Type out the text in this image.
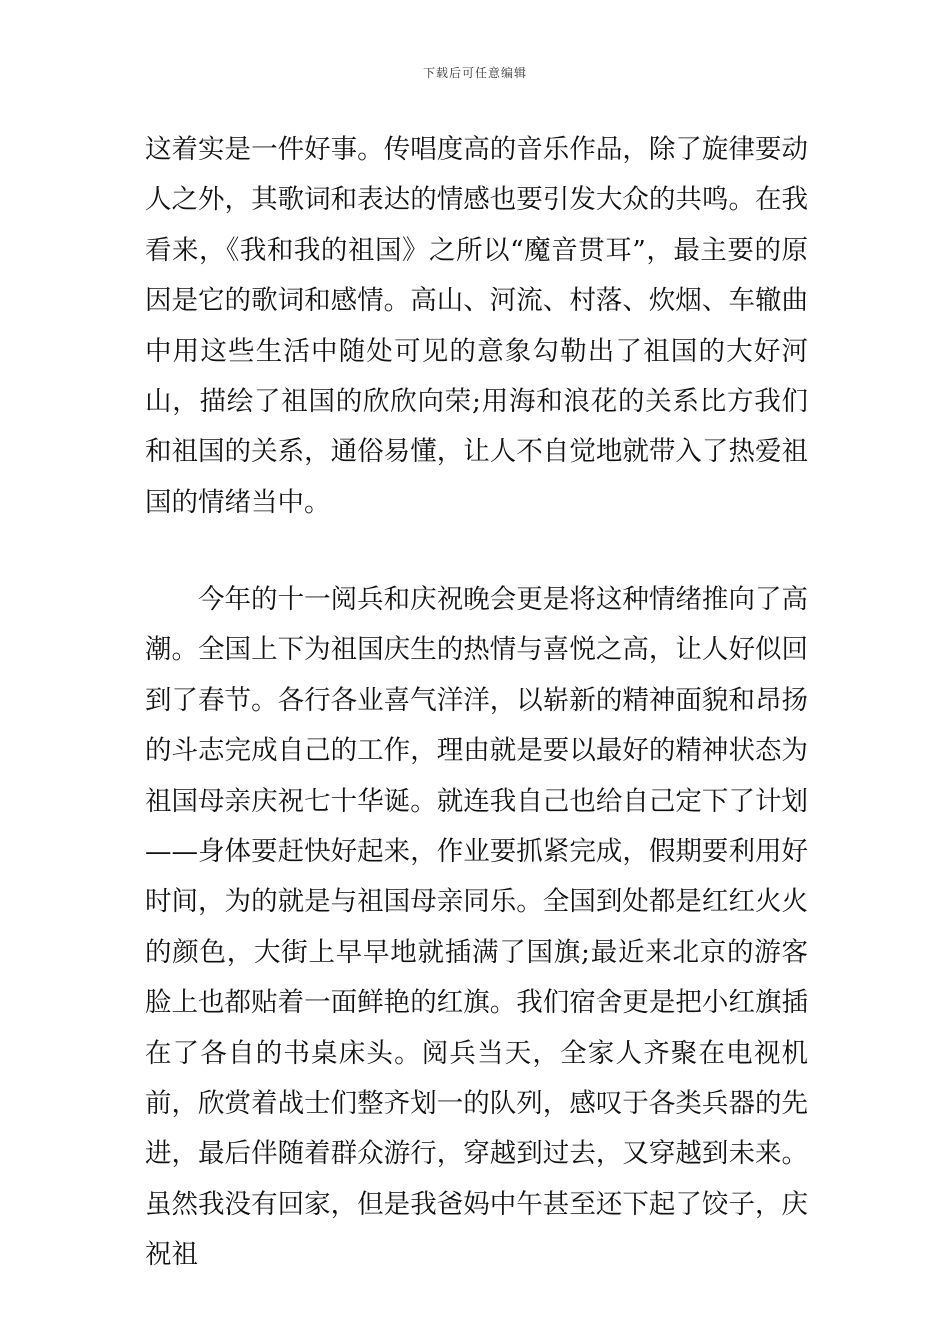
下载后可任意编辑

这着实是一件好事。传唱度高的音乐作品，除了旋律要动人之外，其歌词和表达的情感也要引发大众的共鸣。在我看来，《我和我的祖国》之所以“魔音贯耳”，最主要的原因是它的歌词和感情。高山、河流、村落、炊烟、车辙曲中用这些生活中随处可见的意象勾勒出了祖国的大好河山，描绘了祖国的欣欣向荣;用海和浪花的关系比方我们和祖国的关系，通俗易懂，让人不自觉地就带入了热爱祖国的情绪当中。

今年的十一阅兵和庆祝晚会更是将这种情绪推向了高潮。全国上下为祖国庆生的热情与喜悦之高，让人好似回到了春节。各行各业喜气洋洋，以崭新的精神面貌和昂扬的斗志完成自己的工作，理由就是要以最好的精神状态为祖国母亲庆祝七十华诞。就连我自己也给自己定下了计划——身体要赶快好起来，作业要抓紧完成，假期要利用好时间，为的就是与祖国母亲同乐。全国到处都是红红火火的颜色，大街上早早地就插满了国旗;最近来北京的游客脸上也都贴着一面鲜艳的红旗。我们宿舍更是把小红旗插在了各自的书桌床头。阅兵当天，全家人齐聚在电视机前，欣赏着战士们整齐划一的队列，感叹于各类兵器的先进，最后伴随着群众游行，穿越到过去，又穿越到未来。虽然我没有回家，但是我爸妈中午甚至还下起了饺子，庆祝祖
